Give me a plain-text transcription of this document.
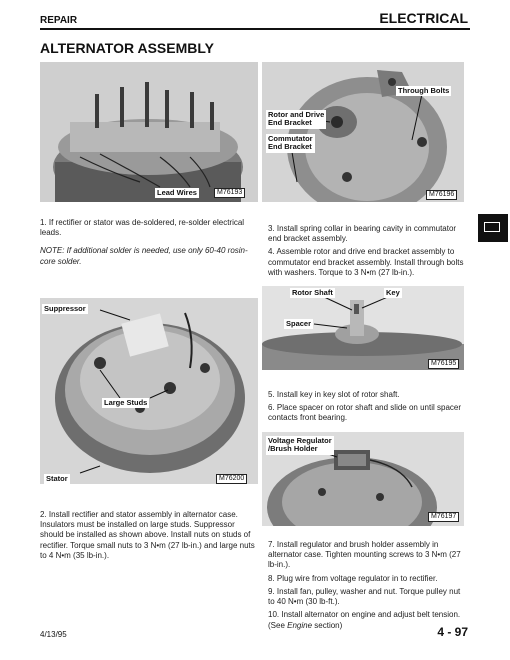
REPAIR	ELECTRICAL
ALTERNATOR ASSEMBLY
Lead Wires	M76193
Through Bolts
Rotor and Drive
End Bracket
Commutator
End Bracket
M76196

1. If rectifier or stator was de-soldered, re-solder electrical leads.

NOTE: If additional solder is needed, use only 60-40 rosin-core solder.

3. Install spring collar in bearing cavity in commutator end bracket assembly.

4. Assemble rotor and drive end bracket assembly to commutator end bracket assembly. Install through bolts with washers. Torque to 3 N•m (27 lb-in.).

Suppressor
Large Studs
Stator	M76200
Rotor Shaft	Key
Spacer
M76195

5. Install key in key slot of rotor shaft.

6. Place spacer on rotor shaft and slide on until spacer contacts front bearing.

Voltage Regulator
/Brush Holder
M76197

2. Install rectifier and stator assembly in alternator case. Insulators must be installed on large studs. Suppressor should be installed as shown above. Install nuts on studs of rectifier. Torque small nuts to 3 N•m (27 lb-in.) and large nuts to 4 N•m (35 lb-in.).

7. Install regulator and brush holder assembly in alternator case. Tighten mounting screws to 3 N•m (27 lb-in.).

8. Plug wire from voltage regulator in to rectifier.

9. Install fan, pulley, washer and nut. Torque pulley nut to 40 N•m (30 lb-ft.).

10. Install alternator on engine and adjust belt tension. (See Engine section)

4/13/95	4 - 97
